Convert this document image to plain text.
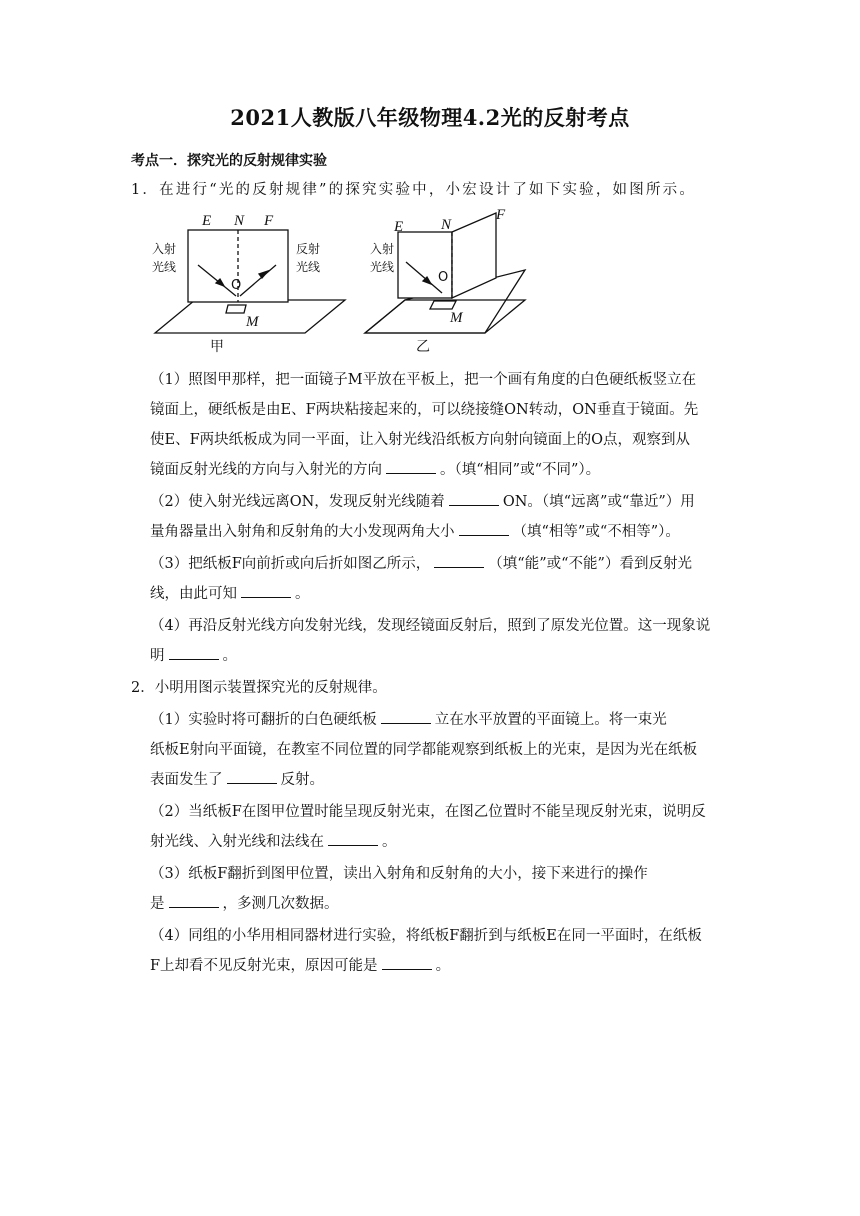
2021人教版八年级物理4.2光的反射考点
考点一．探究光的反射规律实验
1．在进行“光的反射规律”的探究实验中，小宏设计了如下实验，如图所示。
E N F
M
O
入射
光线
反射
光线
甲
E	N
F
M
O
入射
光线
乙
（1）照图甲那样，把一面镜子M平放在平板上，把一个画有角度的白色硬纸板竖立在
镜面上，硬纸板是由E、F两块粘接起来的，可以绕接缝ON转动，ON垂直于镜面。先
使E、F两块纸板成为同一平面，让入射光线沿纸板方向射向镜面上的O点，观察到从
镜面反射光线的方向与入射光的方向	。（填“相同”或“不同”）。
（2）使入射光线远离ON，发现反射光线随着	ON。（填“远离”或“靠近”）用
量角器量出入射角和反射角的大小发现两角大小	（填“相等”或“不相等”）。
（3）把纸板F向前折或向后折如图乙所示，	（填“能”或“不能”）看到反射光
线，由此可知	。
（4）再沿反射光线方向发射光线，发现经镜面反射后，照到了原发光位置。这一现象说
明	。
2．小明用图示装置探究光的反射规律。
（1）实验时将可翻折的白色硬纸板	立在水平放置的平面镜上。将一束光
纸板E射向平面镜，在教室不同位置的同学都能观察到纸板上的光束，是因为光在纸板
表面发生了	反射。
（2）当纸板F在图甲位置时能呈现反射光束，在图乙位置时不能呈现反射光束，说明反
射光线、入射光线和法线在	。
（3）纸板F翻折到图甲位置，读出入射角和反射角的大小，接下来进行的操作
是	，多测几次数据。
（4）同组的小华用相同器材进行实验，将纸板F翻折到与纸板E在同一平面时，在纸板
F上却看不见反射光束，原因可能是	。
